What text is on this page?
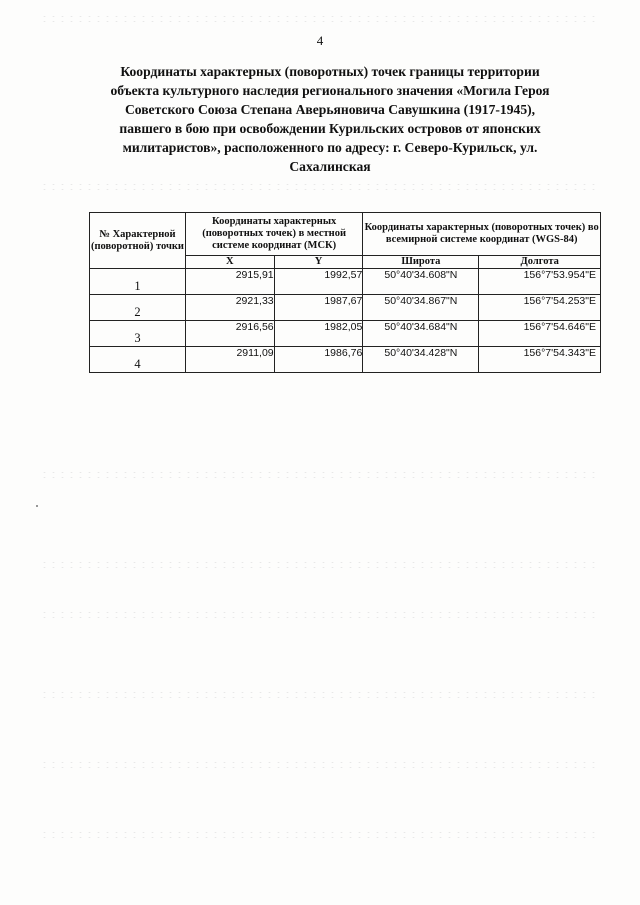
4
Координаты характерных (поворотных) точек границы территории
объекта культурного наследия регионального значения «Могила Героя
Советского Союза Степана Аверьяновича Савушкина (1917-1945),
павшего в бою при освобождении Курильских островов от японских
милитаристов», расположенного по адресу: г. Северо-Курильск, ул.
Сахалинская
№ Характерной (поворотной) точки	Координаты характерных (поворотных точек) в местной системе координат (МСК)		Координаты характерных (поворотных точек) во всемирной системе координат (WGS-84)	
	X	Y	Широта	Долгота
1	2915,91	1992,57	50°40'34.608"N	156°7'53.954"E
2	2921,33	1987,67	50°40'34.867"N	156°7'54.253"E
3	2916,56	1982,05	50°40'34.684"N	156°7'54.646"E
4	2911,09	1986,76	50°40'34.428"N	156°7'54.343"E
